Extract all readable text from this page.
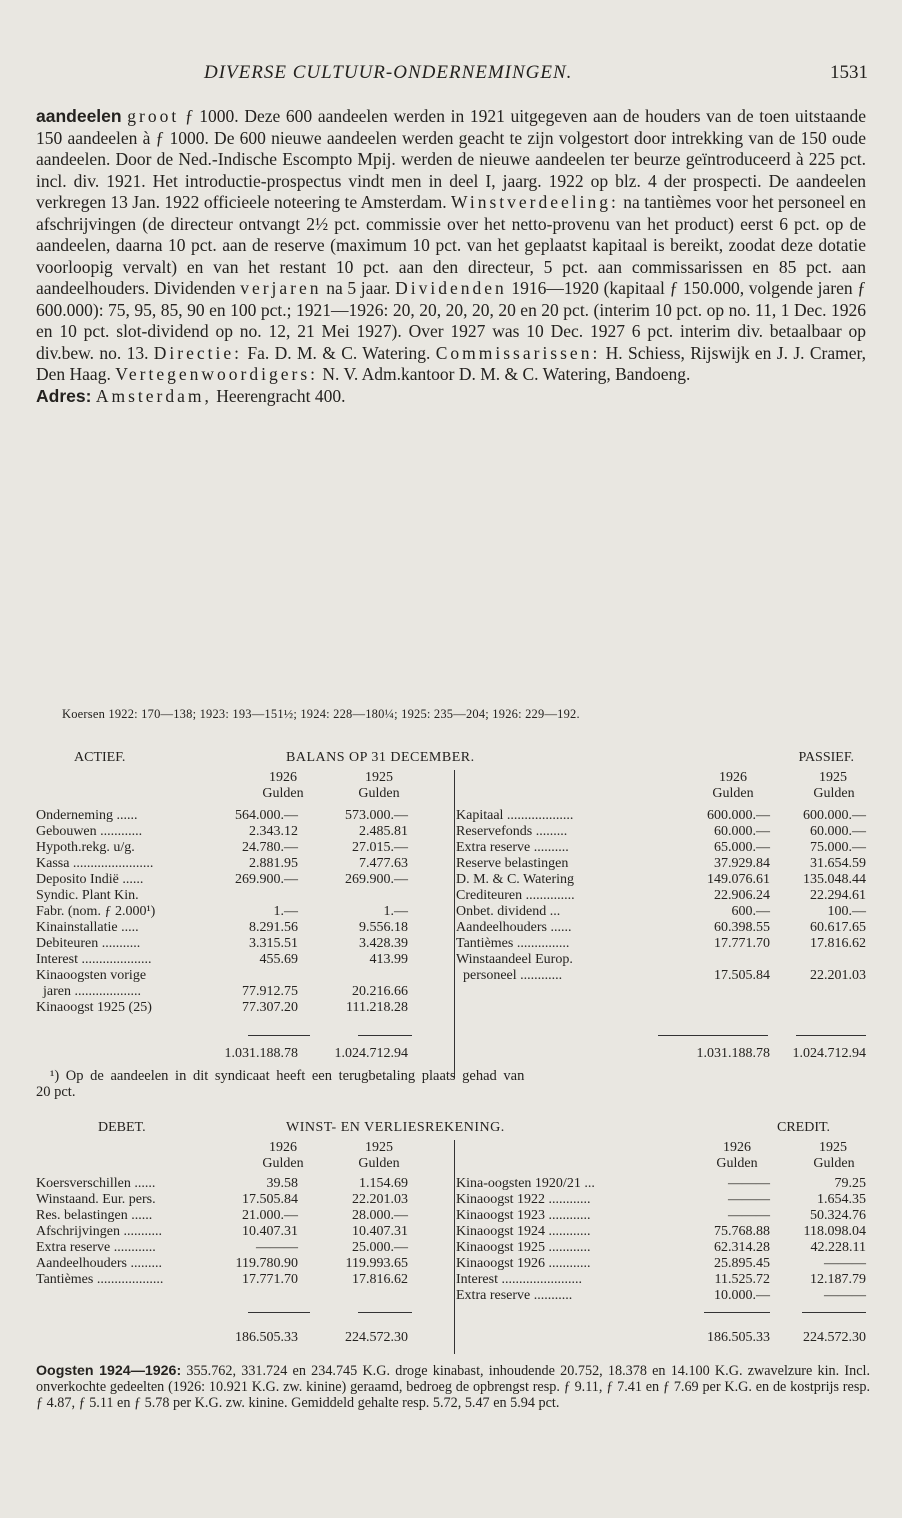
DIVERSE CULTUUR-ONDERNEMINGEN.	1531

aandeelen groot ƒ 1000. Deze 600 aandeelen werden in 1921 uitgegeven aan de houders van de toen uitstaande 150 aandeelen à ƒ 1000. De 600 nieuwe aandeelen werden geacht te zijn volgestort door intrekking van de 150 oude aandeelen. Door de Ned.-Indische Escompto Mpij. werden de nieuwe aandeelen ter beurze geïntroduceerd à 225 pct. incl. div. 1921. Het introductie-prospectus vindt men in deel I, jaarg. 1922 op blz. 4 der prospecti. De aandeelen verkregen 13 Jan. 1922 officieele noteering te Amsterdam. Winstverdeeling: na tantièmes voor het personeel en afschrijvingen (de directeur ontvangt 2½ pct. commissie over het netto-provenu van het product) eerst 6 pct. op de aandeelen, daarna 10 pct. aan de reserve (maximum 10 pct. van het geplaatst kapitaal is bereikt, zoodat deze dotatie voorloopig vervalt) en van het restant 10 pct. aan den directeur, 5 pct. aan commissarissen en 85 pct. aan aandeelhouders. Dividenden verjaren na 5 jaar. Dividenden 1916—1920 (kapitaal ƒ 150.000, volgende jaren ƒ 600.000): 75, 95, 85, 90 en 100 pct.; 1921—1926: 20, 20, 20, 20, 20 en 20 pct. (interim 10 pct. op no. 11, 1 Dec. 1926 en 10 pct. slot-dividend op no. 12, 21 Mei 1927). Over 1927 was 10 Dec. 1927 6 pct. interim div. betaalbaar op div.bew. no. 13. Directie: Fa. D. M. & C. Watering. Commissarissen: H. Schiess, Rijswijk en J. J. Cramer, Den Haag. Vertegenwoordigers: N. V. Adm.kantoor D. M. & C. Watering, Bandoeng.

Adres: Amsterdam, Heerengracht 400.

Koersen 1922: 170—138; 1923: 193—151½; 1924: 228—180¼; 1925: 235—204; 1926: 229—192.
ACTIEF.	BALANS OP 31 DECEMBER.	PASSIEF.
1926	1925
Gulden	Gulden
1926	1925
Gulden	Gulden
Onderneming ......	564.000.—	573.000.—
Gebouwen ............	2.343.12	2.485.81
Hypoth.rekg. u/g.	24.780.—	27.015.—
Kassa .......................	2.881.95	7.477.63
Deposito Indië ......	269.900.—	269.900.—
Syndic. Plant Kin.
Fabr. (nom. ƒ 2.000¹)	1.—	1.—
Kinainstallatie .....	8.291.56	9.556.18
Debiteuren ...........	3.315.51	3.428.39
Interest ....................	455.69	413.99
Kinaoogsten vorige
jaren ...................	77.912.75	20.216.66
Kinaoogst 1925 (25)	77.307.20	111.218.28
Kapitaal ...................	600.000.—	600.000.—
Reservefonds .........	60.000.—	60.000.—
Extra reserve ..........	65.000.—	75.000.—
Reserve belastingen	37.929.84	31.654.59
D. M. & C. Watering	149.076.61	135.048.44
Crediteuren ..............	22.906.24	22.294.61
Onbet. dividend ...	600.—	100.—
Aandeelhouders ......	60.398.55	60.617.65
Tantièmes ...............	17.771.70	17.816.62
Winstaandeel Europ.
personeel ............	17.505.84	22.201.03
1.031.188.78	1.024.712.94	1.031.188.78	1.024.712.94
¹) Op de aandeelen in dit syndicaat heeft een terugbetaling plaats gehad van
20 pct.
DEBET.	WINST- EN VERLIESREKENING.	CREDIT.
1926	1925
Gulden	Gulden
1926	1925
Gulden	Gulden
Koersverschillen ......	39.58	1.154.69
Winstaand. Eur. pers.	17.505.84	22.201.03
Res. belastingen ......	21.000.—	28.000.—
Afschrijvingen ...........	10.407.31	10.407.31
Extra reserve ............	———	25.000.—
Aandeelhouders .........	119.780.90	119.993.65
Tantièmes ...................	17.771.70	17.816.62
Kina-oogsten 1920/21 ...	———	79.25
Kinaoogst 1922 ............	———	1.654.35
Kinaoogst 1923 ............	———	50.324.76
Kinaoogst 1924 ............	75.768.88	118.098.04
Kinaoogst 1925 ............	62.314.28	42.228.11
Kinaoogst 1926 ............	25.895.45	———
Interest .......................	11.525.72	12.187.79
Extra reserve ...........	10.000.—	———
186.505.33	224.572.30	186.505.33	224.572.30

Oogsten 1924—1926: 355.762, 331.724 en 234.745 K.G. droge kinabast, inhoudende 20.752, 18.378 en 14.100 K.G. zwavelzure kin. Incl. onverkochte gedeelten (1926: 10.921 K.G. zw. kinine) geraamd, bedroeg de opbrengst resp. ƒ 9.11, ƒ 7.41 en ƒ 7.69 per K.G. en de kostprijs resp. ƒ 4.87, ƒ 5.11 en ƒ 5.78 per K.G. zw. kinine. Gemiddeld gehalte resp. 5.72, 5.47 en 5.94 pct.
